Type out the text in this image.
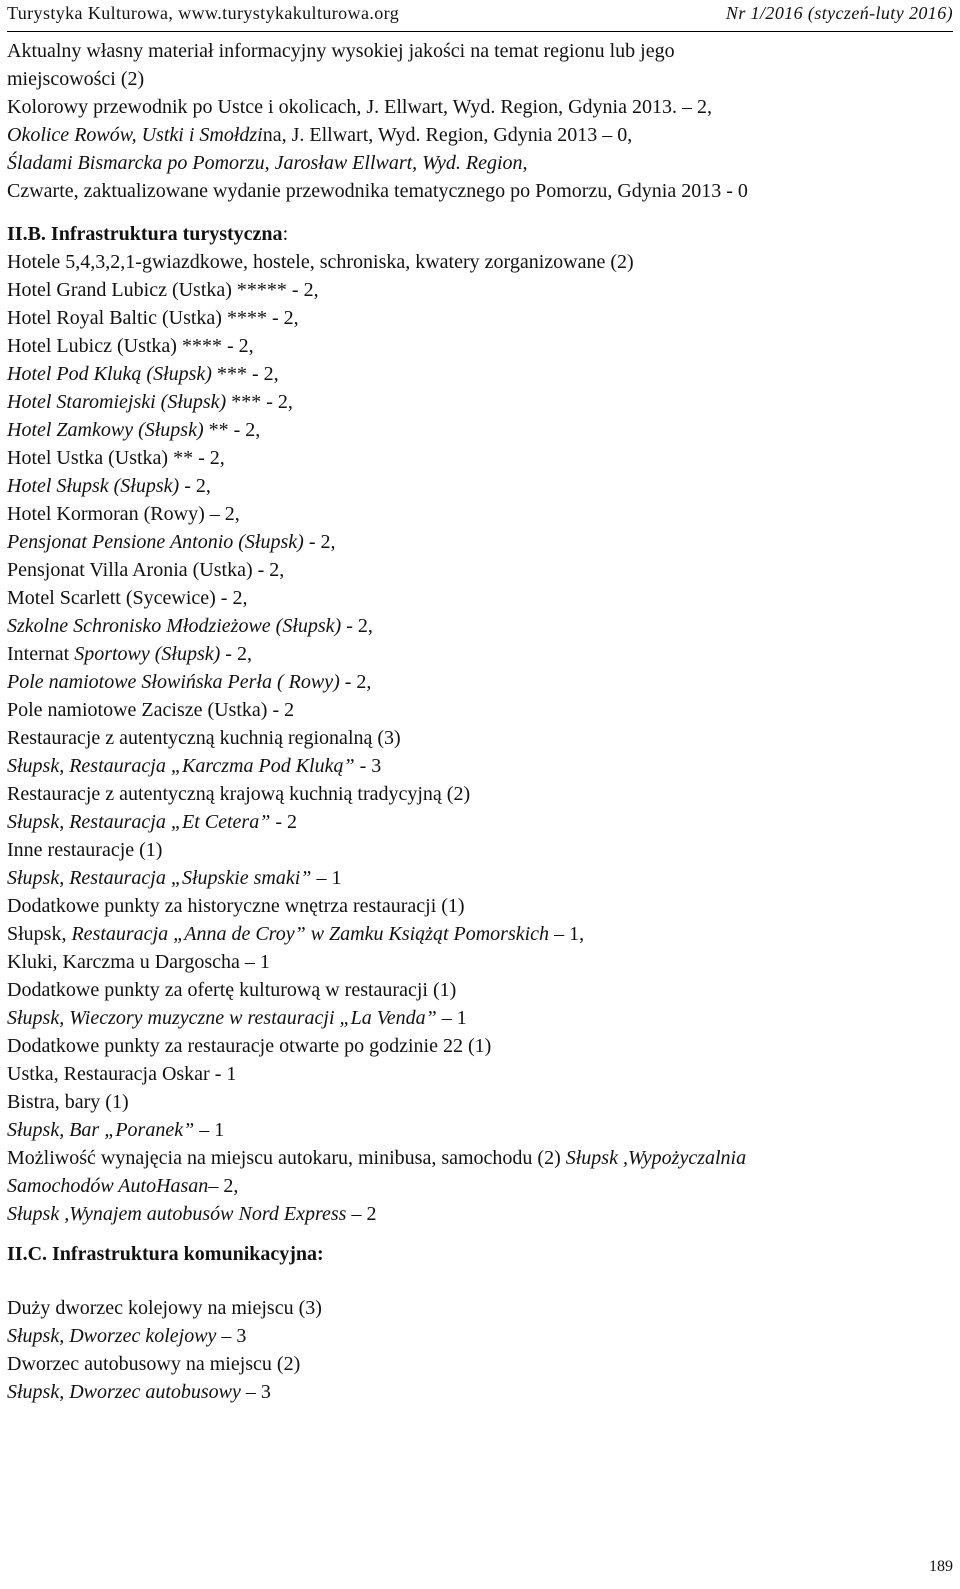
Turystyka Kulturowa, www.turystykakulturowa.org	Nr 1/2016 (styczeń-luty 2016)

Aktualny własny materiał informacyjny wysokiej jakości na temat regionu lub jego

miejscowości (2)

Kolorowy przewodnik po Ustce i okolicach, J. Ellwart, Wyd. Region, Gdynia 2013. – 2,

Okolice Rowów, Ustki i Smołdzina, J. Ellwart, Wyd. Region, Gdynia 2013 – 0,

Śladami Bismarcka po Pomorzu, Jarosław Ellwart, Wyd. Region,

Czwarte, zaktualizowane wydanie przewodnika tematycznego po Pomorzu, Gdynia 2013 - 0

II.B. Infrastruktura turystyczna:

Hotele 5,4,3,2,1-gwiazdkowe, hostele, schroniska, kwatery zorganizowane (2)

Hotel Grand Lubicz (Ustka) ***** - 2,

Hotel Royal Baltic (Ustka) **** - 2,

Hotel Lubicz (Ustka) **** - 2,

Hotel Pod Kluką (Słupsk) *** - 2,

Hotel Staromiejski (Słupsk) *** - 2,

Hotel Zamkowy (Słupsk) ** - 2,

Hotel Ustka (Ustka) ** - 2,

Hotel Słupsk (Słupsk) - 2,

Hotel Kormoran (Rowy) – 2,

Pensjonat Pensione Antonio (Słupsk) - 2,

Pensjonat Villa Aronia (Ustka) - 2,

Motel Scarlett (Sycewice) - 2,

Szkolne Schronisko Młodzieżowe (Słupsk) - 2,

Internat Sportowy (Słupsk) - 2,

Pole namiotowe Słowińska Perła ( Rowy) - 2,

Pole namiotowe Zacisze (Ustka) - 2

Restauracje z autentyczną kuchnią regionalną (3)

Słupsk, Restauracja „Karczma Pod Kluką” - 3

Restauracje z autentyczną krajową kuchnią tradycyjną (2)

Słupsk, Restauracja „Et Cetera” - 2

Inne restauracje (1)

Słupsk, Restauracja „Słupskie smaki” – 1

Dodatkowe punkty za historyczne wnętrza restauracji (1)

Słupsk, Restauracja „Anna de Croy” w Zamku Książąt Pomorskich – 1,

Kluki, Karczma u Dargoscha – 1

Dodatkowe punkty za ofertę kulturową w restauracji (1)

Słupsk, Wieczory muzyczne w restauracji „La Venda” – 1

Dodatkowe punkty za restauracje otwarte po godzinie 22 (1)

Ustka, Restauracja Oskar - 1

Bistra, bary (1)

Słupsk, Bar „Poranek” – 1

Możliwość wynajęcia na miejscu autokaru, minibusa, samochodu (2) Słupsk ,Wypożyczalnia

Samochodów AutoHasan– 2,

Słupsk ,Wynajem autobusów Nord Express – 2

II.C. Infrastruktura komunikacyjna:

Duży dworzec kolejowy na miejscu (3)

Słupsk, Dworzec kolejowy – 3

Dworzec autobusowy na miejscu (2)

Słupsk, Dworzec autobusowy – 3

189
